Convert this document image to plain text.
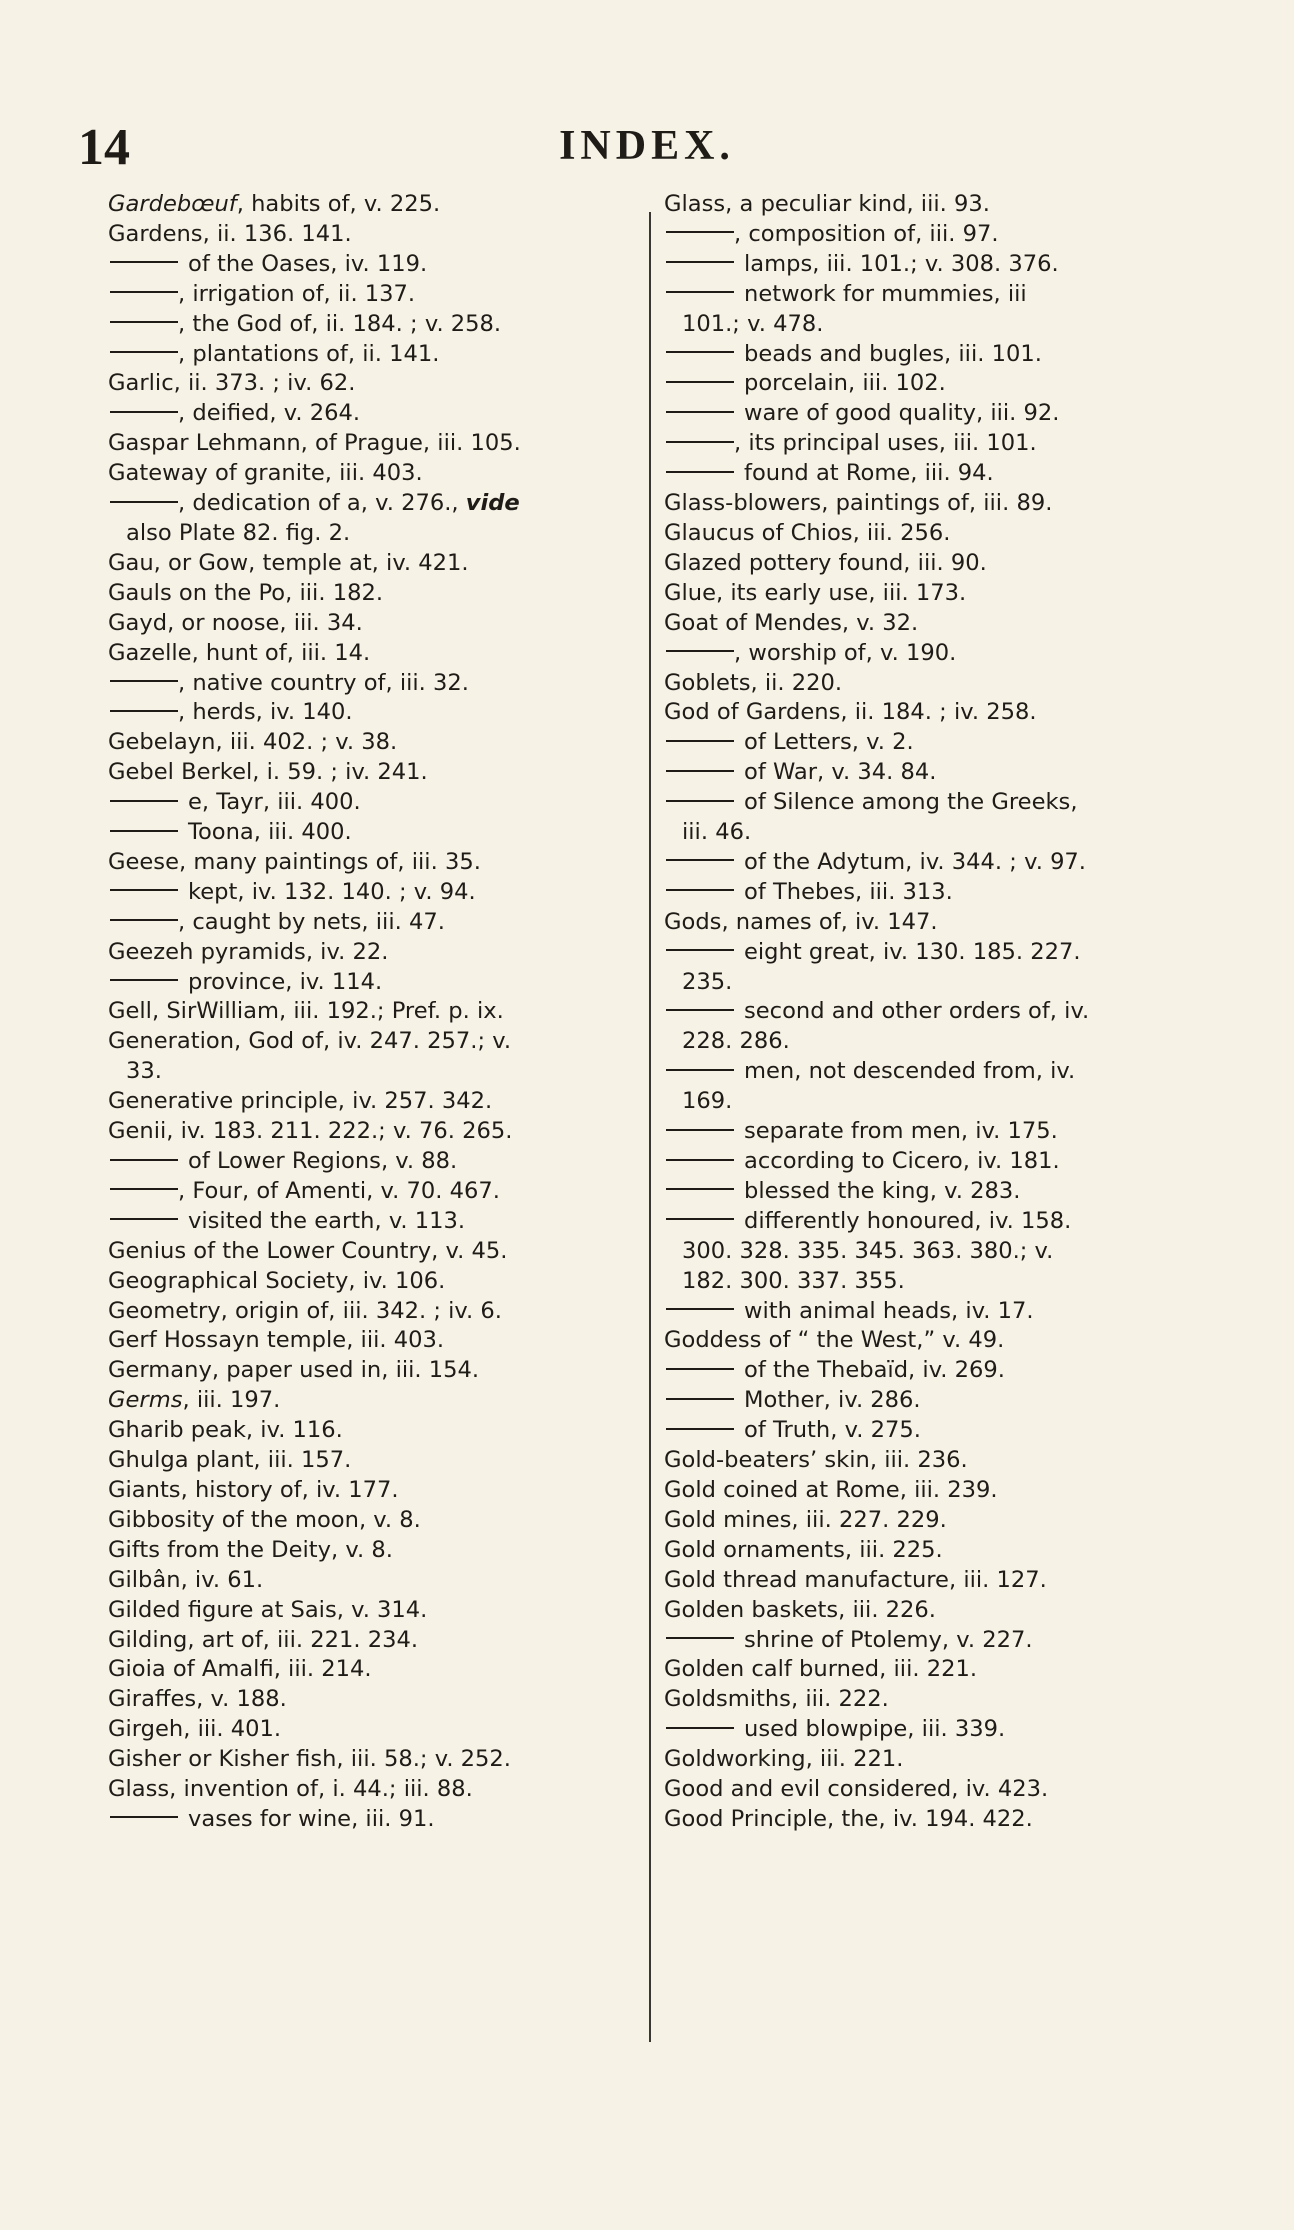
14	INDEX.
Gardebœuf, habits of, v. 225.
Gardens, ii. 136. 141.
of the Oases, iv. 119.
, irrigation of, ii. 137.
, the God of, ii. 184. ; v. 258.
, plantations of, ii. 141.
Garlic, ii. 373. ; iv. 62.
, deified, v. 264.
Gaspar Lehmann, of Prague, iii. 105.
Gateway of granite, iii. 403.
, dedication of a, v. 276., vide
also Plate 82. fig. 2.
Gau, or Gow, temple at, iv. 421.
Gauls on the Po, iii. 182.
Gayd, or noose, iii. 34.
Gazelle, hunt of, iii. 14.
, native country of, iii. 32.
, herds, iv. 140.
Gebelayn, iii. 402. ; v. 38.
Gebel Berkel, i. 59. ; iv. 241.
e, Tayr, iii. 400.
Toona, iii. 400.
Geese, many paintings of, iii. 35.
kept, iv. 132. 140. ; v. 94.
, caught by nets, iii. 47.
Geezeh pyramids, iv. 22.
province, iv. 114.
Gell, SirWilliam, iii. 192.; Pref. p. ix.
Generation, God of, iv. 247. 257.; v.
33.
Generative principle, iv. 257. 342.
Genii, iv. 183. 211. 222.; v. 76. 265.
of Lower Regions, v. 88.
, Four, of Amenti, v. 70. 467.
visited the earth, v. 113.
Genius of the Lower Country, v. 45.
Geographical Society, iv. 106.
Geometry, origin of, iii. 342. ; iv. 6.
Gerf Hossayn temple, iii. 403.
Germany, paper used in, iii. 154.
Germs, iii. 197.
Gharib peak, iv. 116.
Ghulga plant, iii. 157.
Giants, history of, iv. 177.
Gibbosity of the moon, v. 8.
Gifts from the Deity, v. 8.
Gilbân, iv. 61.
Gilded figure at Sais, v. 314.
Gilding, art of, iii. 221. 234.
Gioia of Amalfi, iii. 214.
Giraffes, v. 188.
Girgeh, iii. 401.
Gisher or Kisher fish, iii. 58.; v. 252.
Glass, invention of, i. 44.; iii. 88.
vases for wine, iii. 91.
Glass, a peculiar kind, iii. 93.
, composition of, iii. 97.
lamps, iii. 101.; v. 308. 376.
network for mummies, iii
101.; v. 478.
beads and bugles, iii. 101.
porcelain, iii. 102.
ware of good quality, iii. 92.
, its principal uses, iii. 101.
found at Rome, iii. 94.
Glass-blowers, paintings of, iii. 89.
Glaucus of Chios, iii. 256.
Glazed pottery found, iii. 90.
Glue, its early use, iii. 173.
Goat of Mendes, v. 32.
, worship of, v. 190.
Goblets, ii. 220.
God of Gardens, ii. 184. ; iv. 258.
of Letters, v. 2.
of War, v. 34. 84.
of Silence among the Greeks,
iii. 46.
of the Adytum, iv. 344. ; v. 97.
of Thebes, iii. 313.
Gods, names of, iv. 147.
eight great, iv. 130. 185. 227.
235.
second and other orders of, iv.
228. 286.
men, not descended from, iv.
169.
separate from men, iv. 175.
according to Cicero, iv. 181.
blessed the king, v. 283.
differently honoured, iv. 158.
300. 328. 335. 345. 363. 380.; v.
182. 300. 337. 355.
with animal heads, iv. 17.
Goddess of “ the West,” v. 49.
of the Thebaïd, iv. 269.
Mother, iv. 286.
of Truth, v. 275.
Gold-beaters’ skin, iii. 236.
Gold coined at Rome, iii. 239.
Gold mines, iii. 227. 229.
Gold ornaments, iii. 225.
Gold thread manufacture, iii. 127.
Golden baskets, iii. 226.
shrine of Ptolemy, v. 227.
Golden calf burned, iii. 221.
Goldsmiths, iii. 222.
used blowpipe, iii. 339.
Goldworking, iii. 221.
Good and evil considered, iv. 423.
Good Principle, the, iv. 194. 422.
